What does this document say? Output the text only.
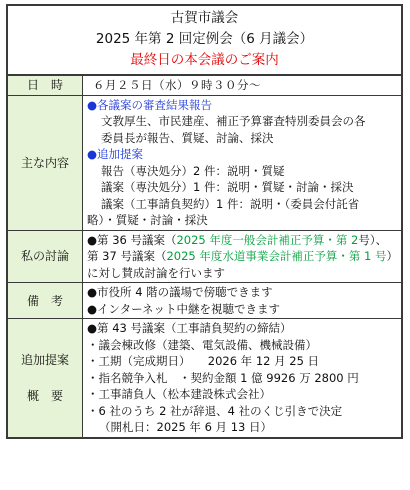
古賀市議会
2025 年第 2 回定例会（6 月議会）
最終日の本会議のご案内
日　時	６月２５日（水）９時３０分～
主な内容
●各議案の審査結果報告
文教厚生、市民建産、補正予算審査特別委員会の各
委員長が報告、質疑、討論、採決
●追加提案
報告（専決処分）2 件：説明・質疑
議案（専決処分）1 件：説明・質疑・討論・採決
議案（工事請負契約）1 件：説明・（委員会付託省
略）・質疑・討論・採決
私の討論
●第 36 号議案（2025 年度一般会計補正予算・第 2号）、第 37 号議案（2025 年度水道事業会計補正予算・第 1 号）に対し賛成討論を行います
備　考
●市役所 4 階の議場で傍聴できます
●インターネット中継を視聴できます
追加提案
概　要
●第 43 号議案（工事請負契約の締結）
・議会棟改修（建築、電気設備、機械設備）
・工期（完成期日）　　2026 年 12 月 25 日
・指名競争入札　・契約金額 1 億 9926 万 2800 円
・工事請負人（松本建設株式会社）
・6 社のうち 2 社が辞退、4 社のくじ引きで決定
（開札日：2025 年 6 月 13 日）
